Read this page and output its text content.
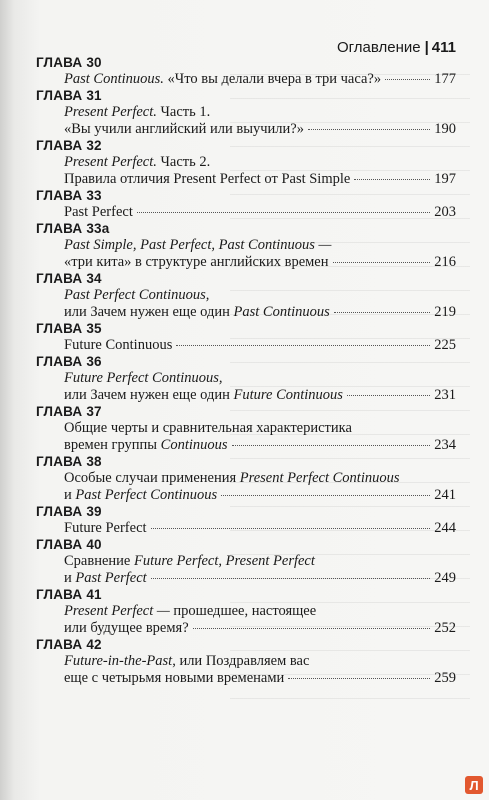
Оглавление | 411
ГЛАВА 30
Past Continuous. «Что вы делали вчера в три часа?»	177
ГЛАВА 31
Present Perfect. Часть 1.
«Вы учили английский или выучили?»	190
ГЛАВА 32
Present Perfect. Часть 2.
Правила отличия Present Perfect от Past Simple	197
ГЛАВА 33
Past Perfect	203
ГЛАВА 33a
Past Simple, Past Perfect, Past Continuous —
«три кита» в структуре английских времен	216
ГЛАВА 34
Past Perfect Continuous,
или Зачем нужен еще один Past Continuous	219
ГЛАВА 35
Future Continuous	225
ГЛАВА 36
Future Perfect Continuous,
или Зачем нужен еще один Future Continuous	231
ГЛАВА 37
Общие черты и сравнительная характеристика
времен группы Continuous	234
ГЛАВА 38
Особые случаи применения Present Perfect Continuous
и Past Perfect Continuous	241
ГЛАВА 39
Future Perfect	244
ГЛАВА 40
Сравнение Future Perfect, Present Perfect
и Past Perfect	249
ГЛАВА 41
Present Perfect — прошедшее, настоящее
или будущее время?	252
ГЛАВА 42
Future-in-the-Past, или Поздравляем вас
еще с четырьмя новыми временами	259
Л
